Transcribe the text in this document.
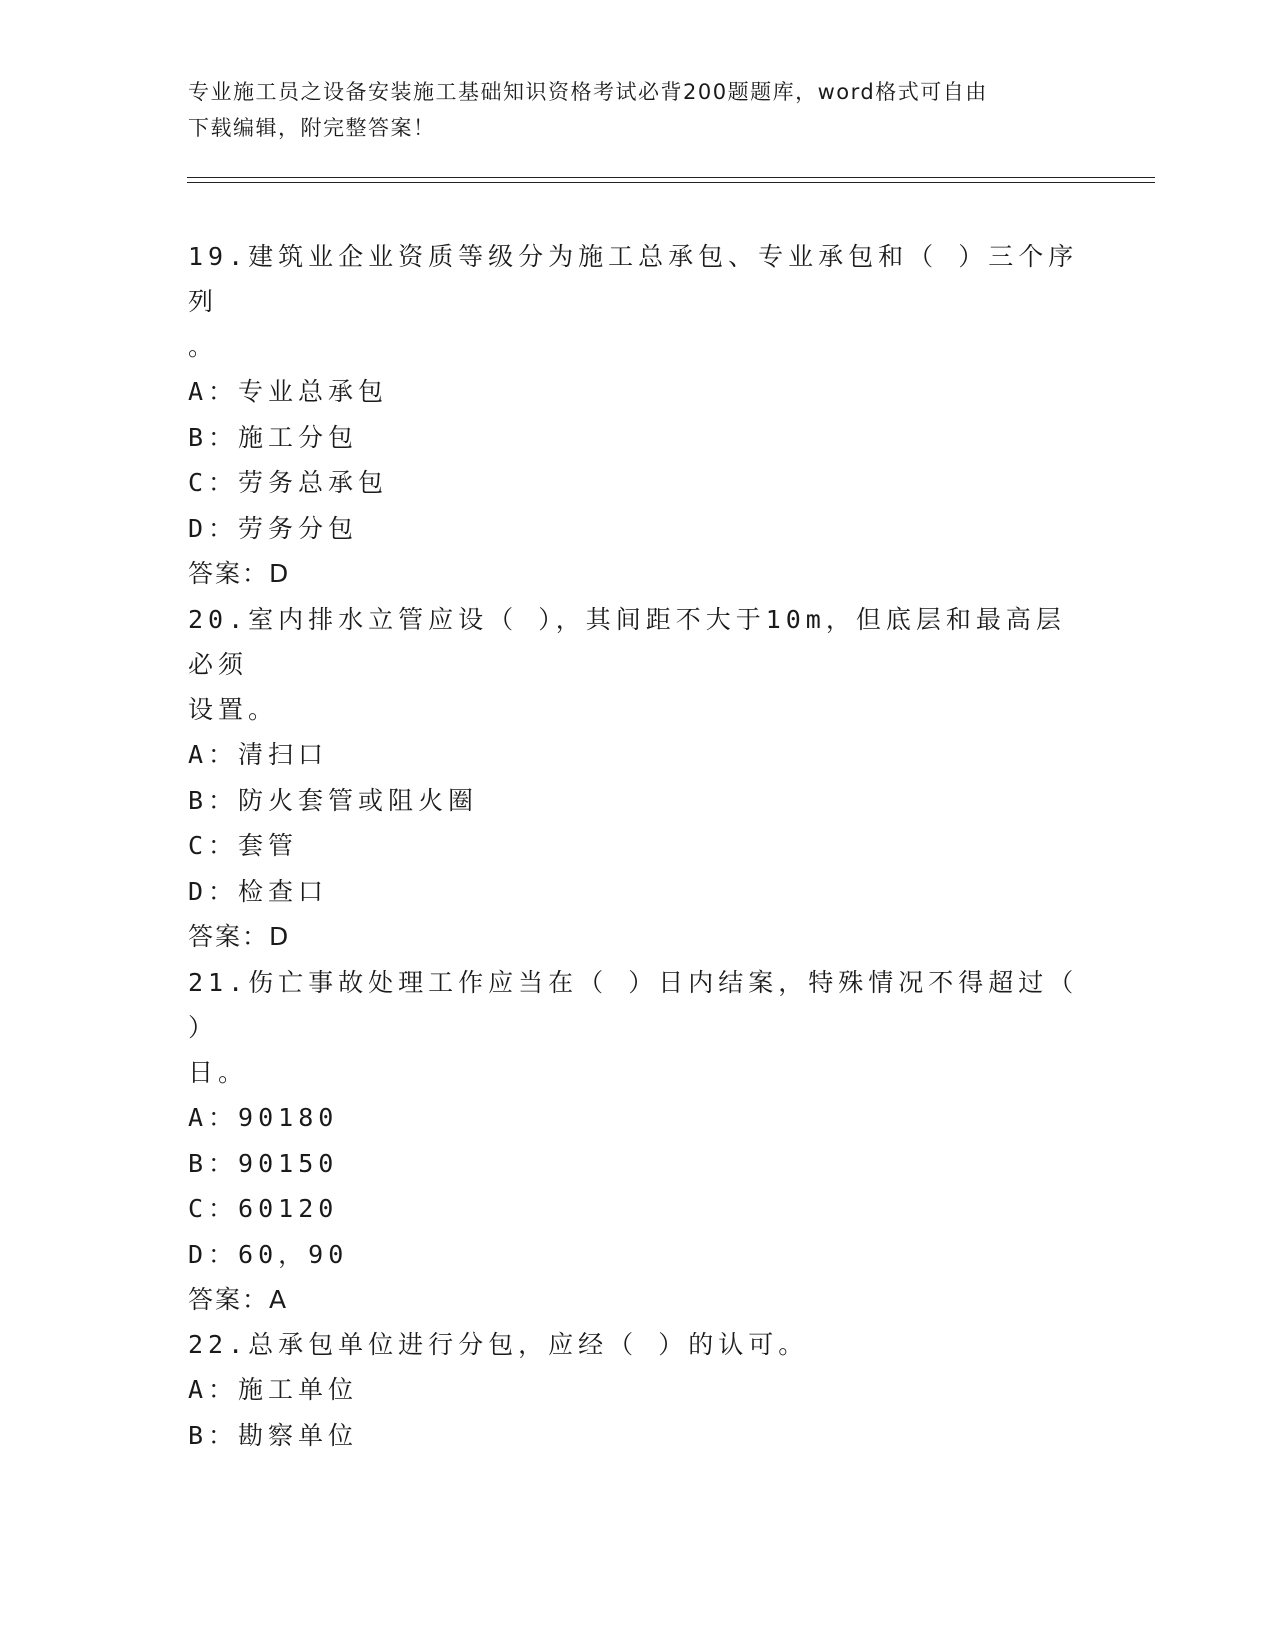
专业施工员之设备安装施工基础知识资格考试必背200题题库，word格式可自由
下载编辑，附完整答案！

19.建筑业企业资质等级分为施工总承包、专业承包和（ ）三个序列

。

A：专业总承包

B：施工分包

C：劳务总承包

D：劳务分包

答案：D

20.室内排水立管应设（ ），其间距不大于10m，但底层和最高层必须

设置。

A：清扫口

B：防火套管或阻火圈

C：套管

D：检查口

答案：D

21.伤亡事故处理工作应当在（ ）日内结案，特殊情况不得超过（ ）

日。

A：90180

B：90150

C：60120

D：60，90

答案：A

22.总承包单位进行分包，应经（ ）的认可。

A：施工单位

B：勘察单位
